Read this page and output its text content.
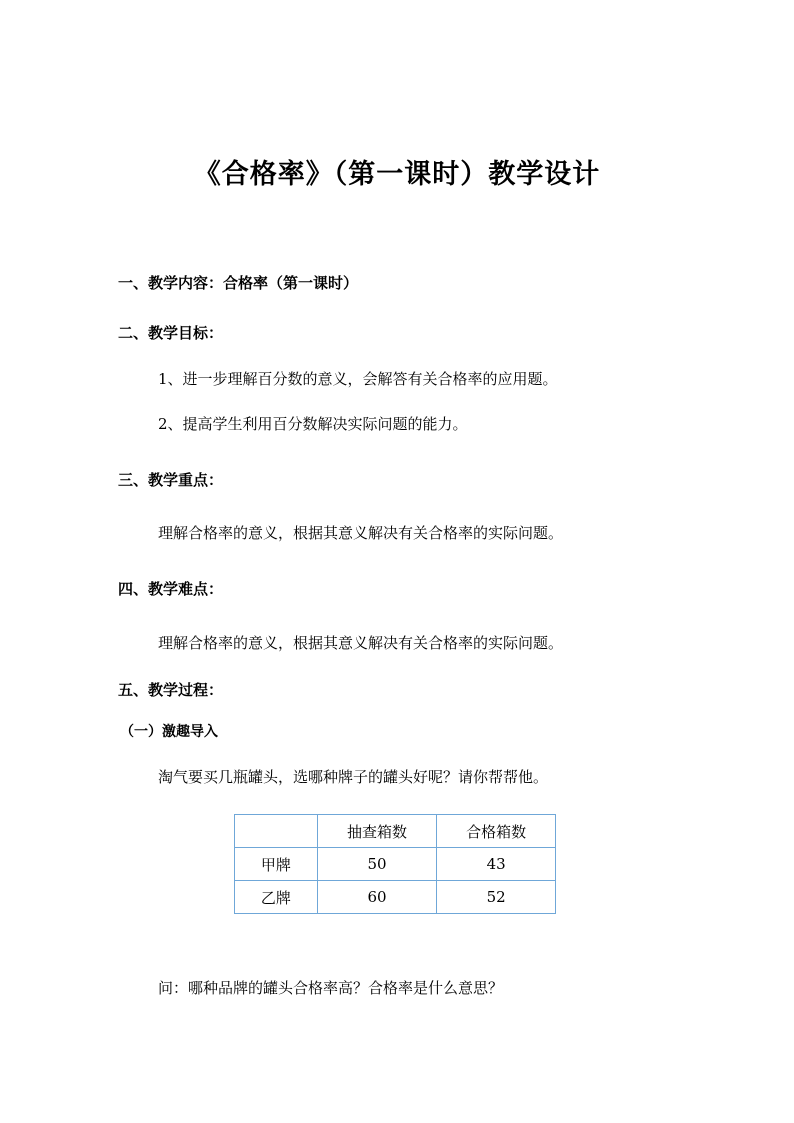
《合格率》（第一课时）教学设计

一、教学内容：合格率（第一课时）

二、教学目标：

1、进一步理解百分数的意义，会解答有关合格率的应用题。

2、提高学生利用百分数解决实际问题的能力。

三、教学重点：

理解合格率的意义，根据其意义解决有关合格率的实际问题。

四、教学难点：

理解合格率的意义，根据其意义解决有关合格率的实际问题。

五、教学过程：

（一）激趣导入

淘气要买几瓶罐头，选哪种牌子的罐头好呢？请你帮帮他。

	抽查箱数	合格箱数
甲牌	50	43
乙牌	60	52

问：哪种品牌的罐头合格率高？合格率是什么意思？
